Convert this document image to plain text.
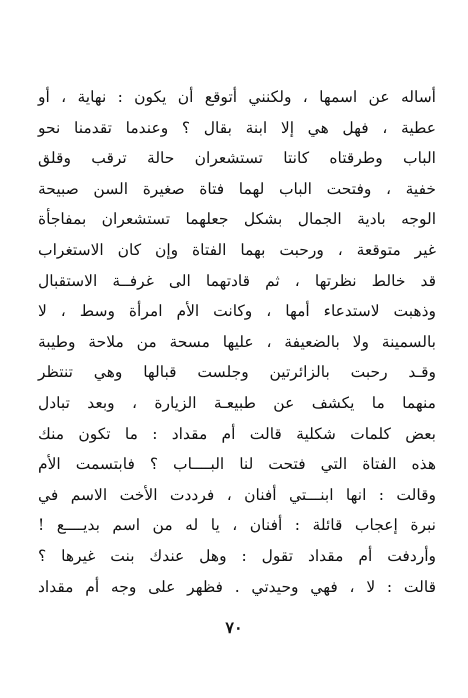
أساله عن اسمها ، ولكنني أتوقع أن يكون : نهاية ، أو
عطية ، فهل هي إلا ابنة بقال ؟ وعندما تقدمنا نحو
الباب وطرقتاه كانتا تستشعران حالة ترقب وقلق
خفية ، وفتحت الباب لهما فتاة صغيرة السن صبيحة
الوجه بادية الجمال بشكل جعلهما تستشعران بمفاجأة
غير متوقعة ، ورحبت بهما الفتاة وإن كان الاستغراب
قد خالط نظرتها ، ثم قادتهما الى غرفــة الاستقبال
وذهبت لاستدعاء أمها ، وكانت الأم امرأة وسط ، لا
بالسمينة ولا بالضعيفة ، عليها مسحة من ملاحة وطيبة
وقـد رحبت بالزائرتين وجلست قبالها وهي تنتظر
منهما ما يكشف عن طبيعـة الزيارة ، وبعد تبادل
بعض كلمات شكلية قالت أم مقداد : ما تكون منك
هذه الفتاة التي فتحت لنا البــــاب ؟ فابتسمت الأم
وقالت : انها ابنـــتي أفنان ، فرددت الأخت الاسم في
نبرة إعجاب قائلة : أفنان ، يا له من اسم بديــــع !
وأردفت أم مقداد تقول : وهل عندك بنت غيرها ؟
قالت : لا ، فهي وحيدتي . فظهر على وجه أم مقداد
٧٠
